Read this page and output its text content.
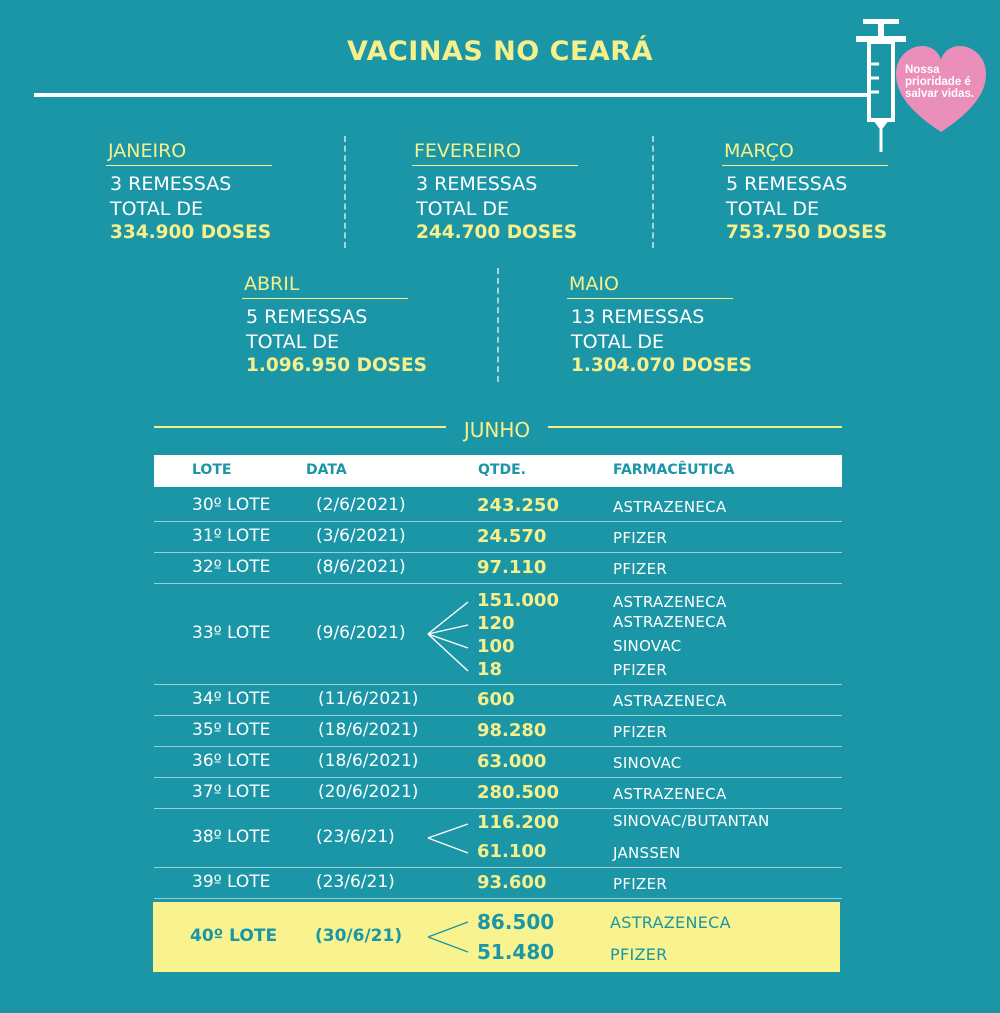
VACINAS NO CEARÁ
Nossa prioridade é salvar vidas.
JANEIRO
3 REMESSAS
TOTAL DE
334.900 DOSES
FEVEREIRO
3 REMESSAS
TOTAL DE
244.700 DOSES
MARÇO
5 REMESSAS
TOTAL DE
753.750 DOSES
ABRIL
5 REMESSAS
TOTAL DE
1.096.950 DOSES
MAIO
13 REMESSAS
TOTAL DE
1.304.070 DOSES
JUNHO
LOTE	DATA	QTDE.	FARMACÊUTICA
30º LOTE	(2/6/2021)	243.250	ASTRAZENECA
31º LOTE	(3/6/2021)	24.570	PFIZER
32º LOTE	(8/6/2021)	97.110	PFIZER
33º LOTE	(9/6/2021)
151.000	ASTRAZENECA
120	ASTRAZENECA
100	SINOVAC
18	PFIZER
34º LOTE	(11/6/2021)	600	ASTRAZENECA
35º LOTE	(18/6/2021)	98.280	PFIZER
36º LOTE	(18/6/2021)	63.000	SINOVAC
37º LOTE	(20/6/2021)	280.500	ASTRAZENECA
38º LOTE	(23/6/21)
116.200	SINOVAC/BUTANTAN
61.100	JANSSEN
39º LOTE	(23/6/21)	93.600	PFIZER
40º LOTE (30/6/21)
86.500	ASTRAZENECA
51.480	PFIZER
